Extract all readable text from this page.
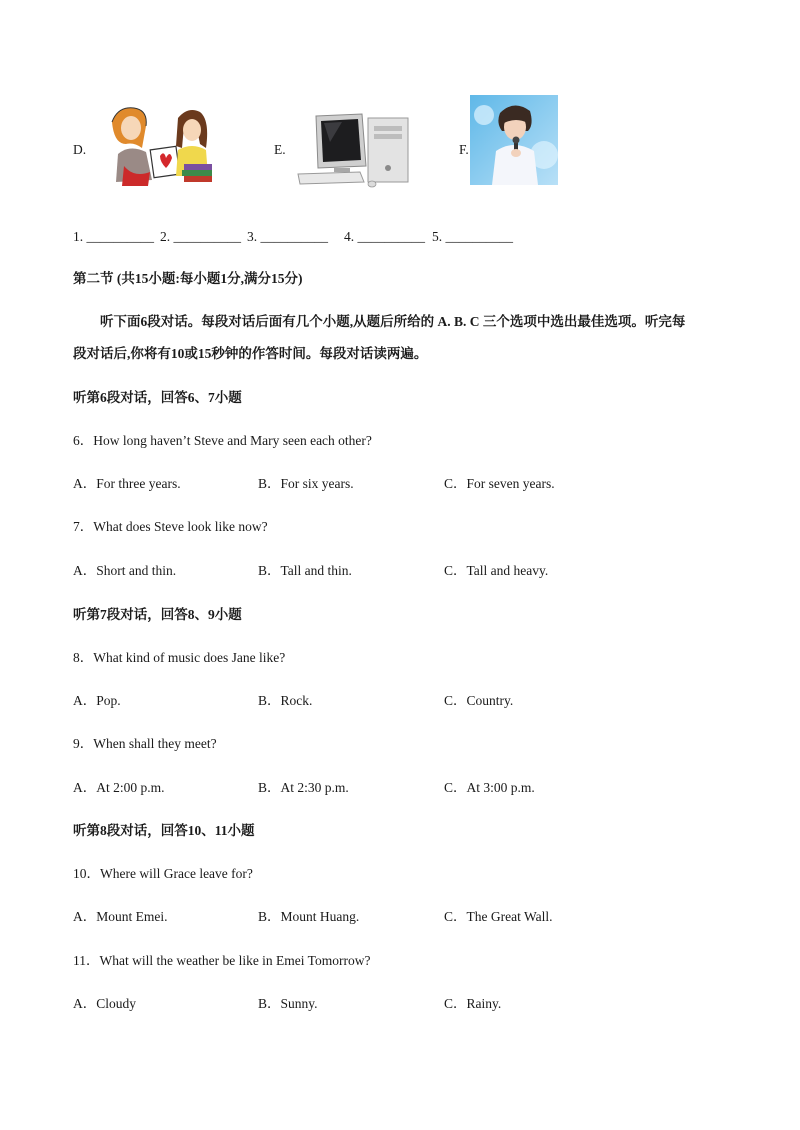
D.	E.	F.
1. __________ 2. __________ 3. __________ 4. __________ 5. __________
第二节 (共15小题:每小题1分,满分15分)
听下面6段对话。每段对话后面有几个小题,从题后所给的 A. B. C 三个选项中选出最佳选项。听完每
段对话后,你将有10或15秒钟的作答时间。每段对话读两遍。
听第6段对话，回答6、7小题
6．How long haven’t Steve and Mary seen each other?
A．For three years.	B．For six years.	C．For seven years.
7．What does Steve look like now?
A．Short and thin.	B．Tall and thin.	C．Tall and heavy.
听第7段对话，回答8、9小题
8．What kind of music does Jane like?
A．Pop.	B．Rock.	C．Country.
9．When shall they meet?
A．At 2:00 p.m.	B．At 2:30 p.m.	C．At 3:00 p.m.
听第8段对话，回答10、11小题
10．Where will Grace leave for?
A．Mount Emei.	B．Mount Huang.	C．The Great Wall.
11．What will the weather be like in Emei Tomorrow?
A．Cloudy	B．Sunny.	C．Rainy.
